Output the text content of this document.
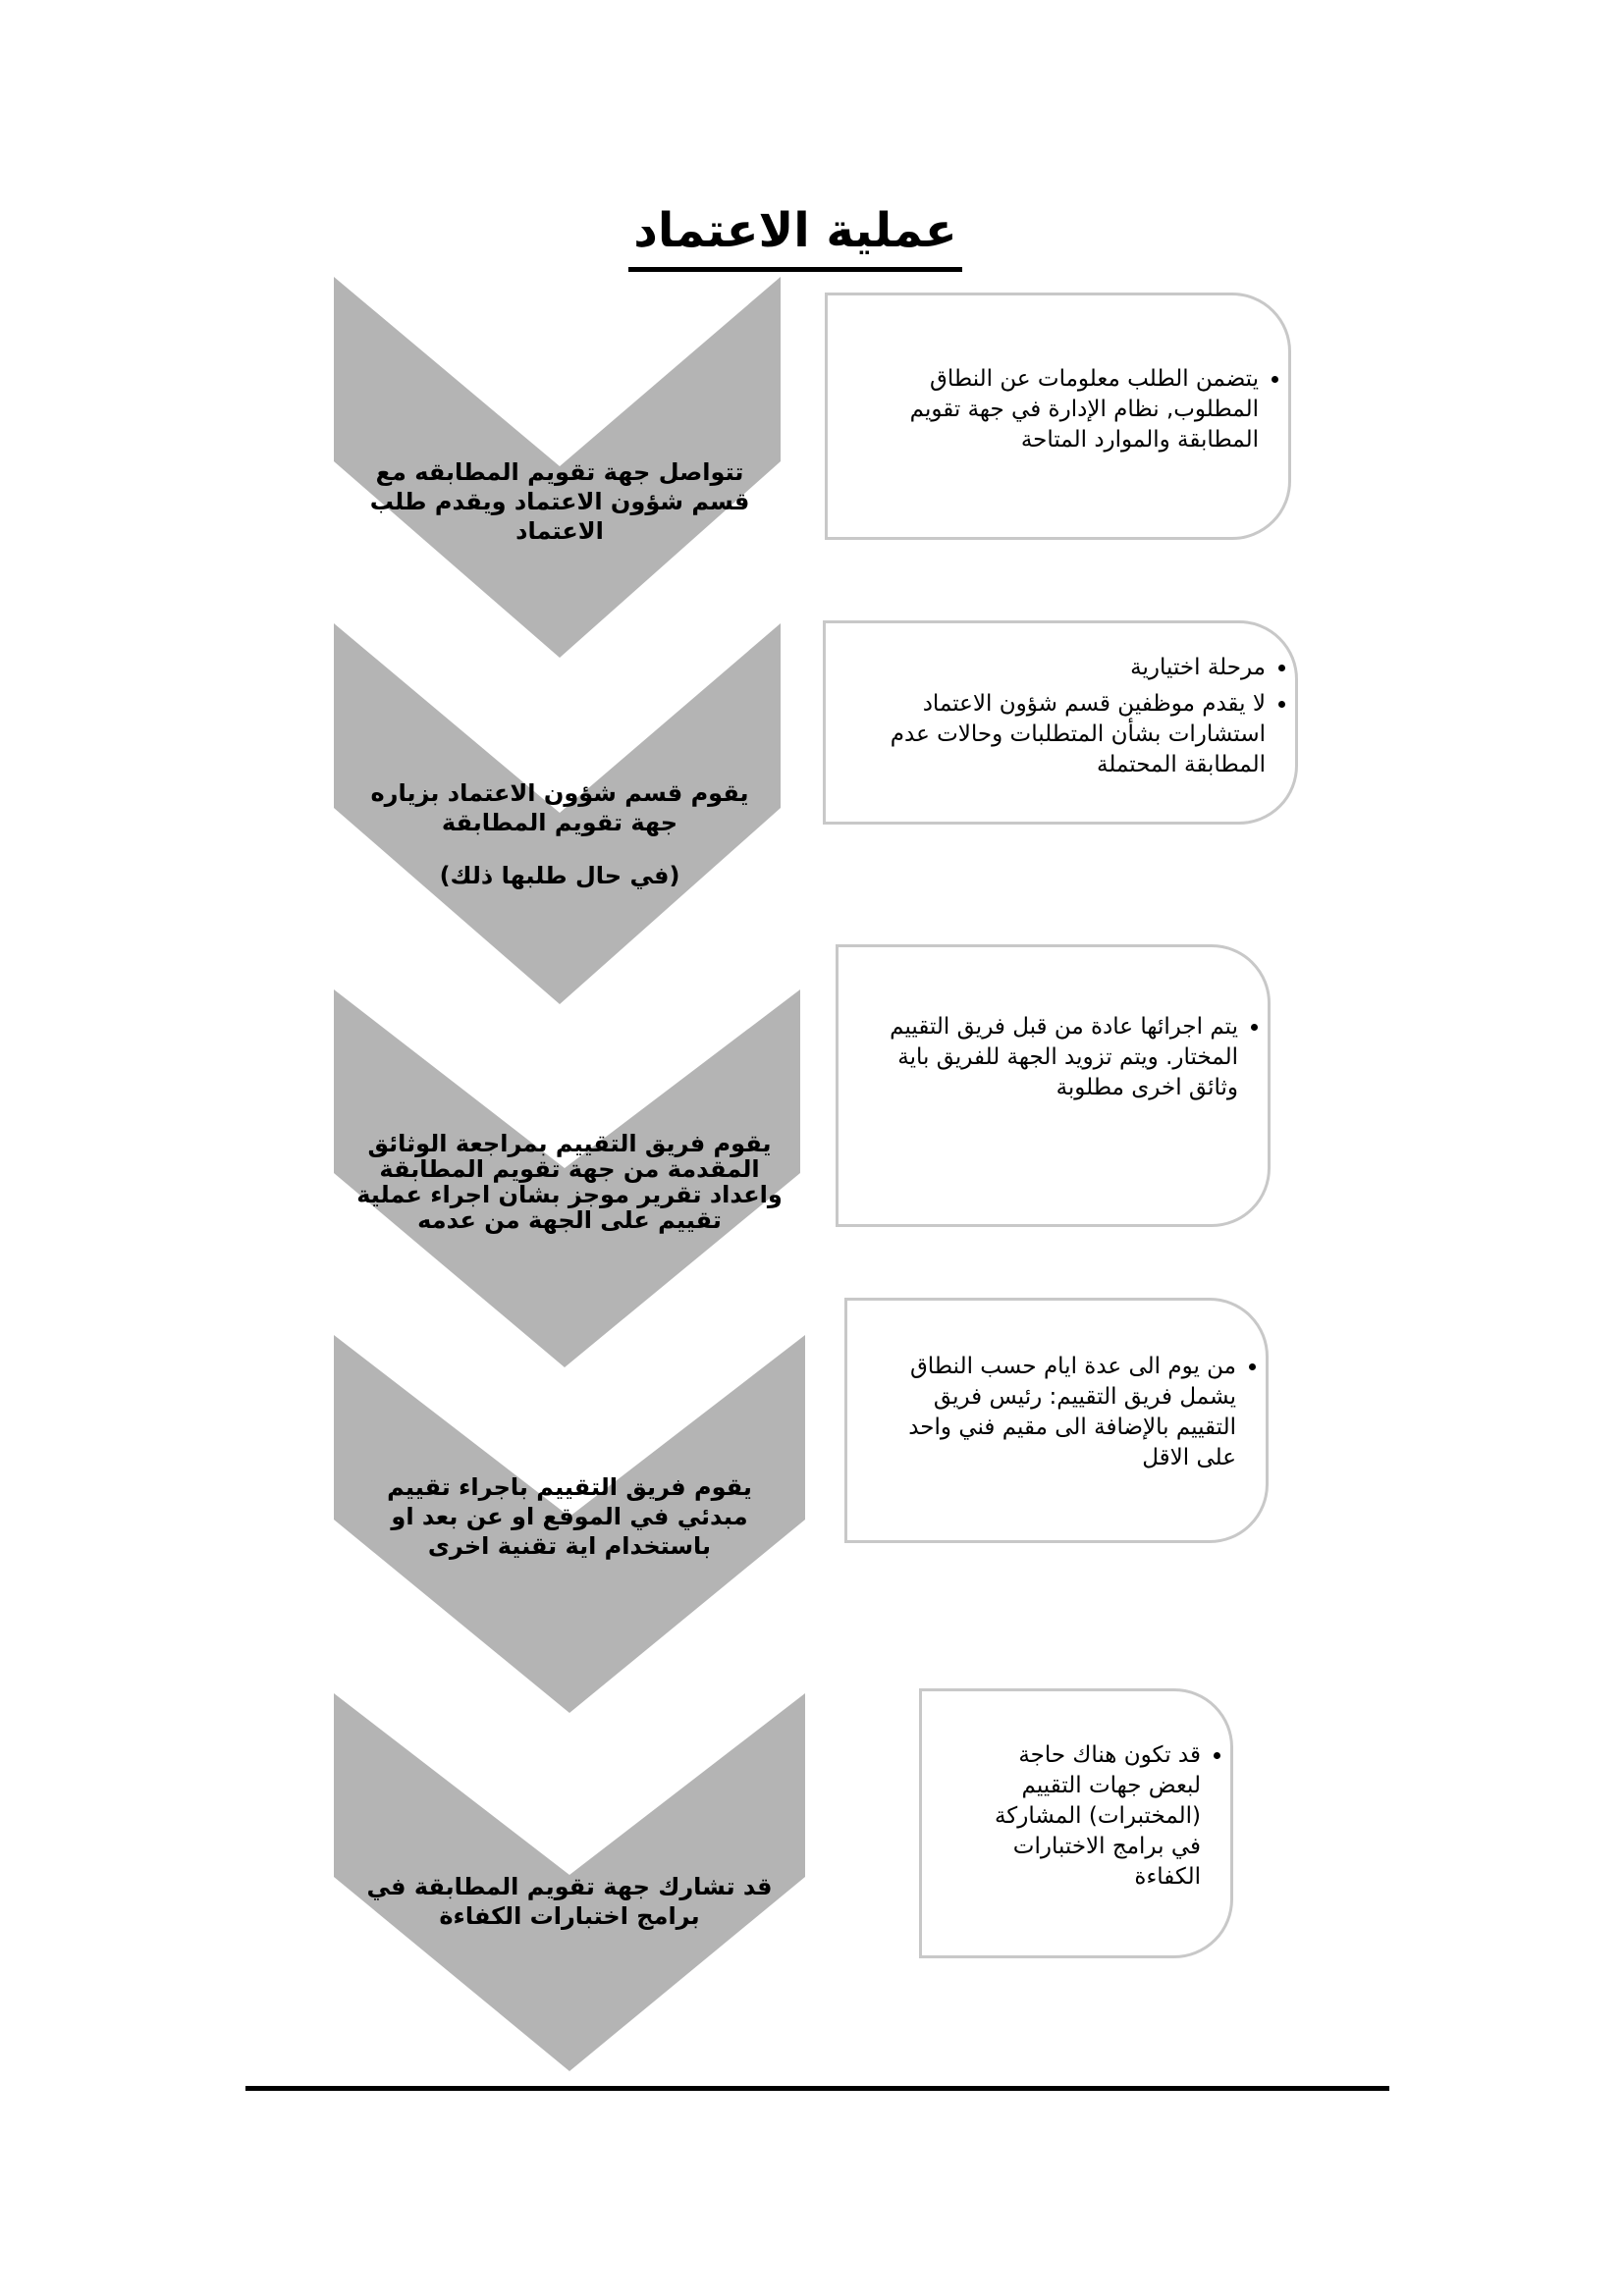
عملية الاعتماد
تتواصل جهة تقويم المطابقه مع قسم شؤون الاعتماد ويقدم طلب الاعتماد
يقوم قسم شؤون الاعتماد بزياره جهة تقويم المطابقة
(في حال طلبها ذلك)
يقوم فريق التقييم بمراجعة الوثائق المقدمة من جهة تقويم المطابقة واعداد تقرير موجز بشان اجراء عملية تقييم على الجهة من عدمه
يقوم فريق التقييم باجراء تقييم مبدئي في الموقع او عن بعد او باستخدام اية تقنية اخرى
قد تشارك جهة تقويم المطابقة في برامج اختبارات الكفاءة
• يتضمن الطلب معلومات عن النطاق المطلوب, نظام الإدارة في جهة تقويم المطابقة والموارد المتاحة
• مرحلة اختيارية
• لا يقدم موظفين قسم شؤون الاعتماد استشارات بشأن المتطلبات وحالات عدم المطابقة المحتملة
• يتم اجرائها عادة من قبل فريق التقييم المختار. ويتم تزويد الجهة للفريق باية وثائق اخرى مطلوبة
• من يوم الى عدة ايام حسب النطاق يشمل فريق التقييم: رئيس فريق التقييم بالإضافة الى مقيم فني واحد على الاقل
• قد تكون هناك حاجة لبعض جهات التقييم (المختبرات) المشاركة في برامج الاختبارات الكفاءة
